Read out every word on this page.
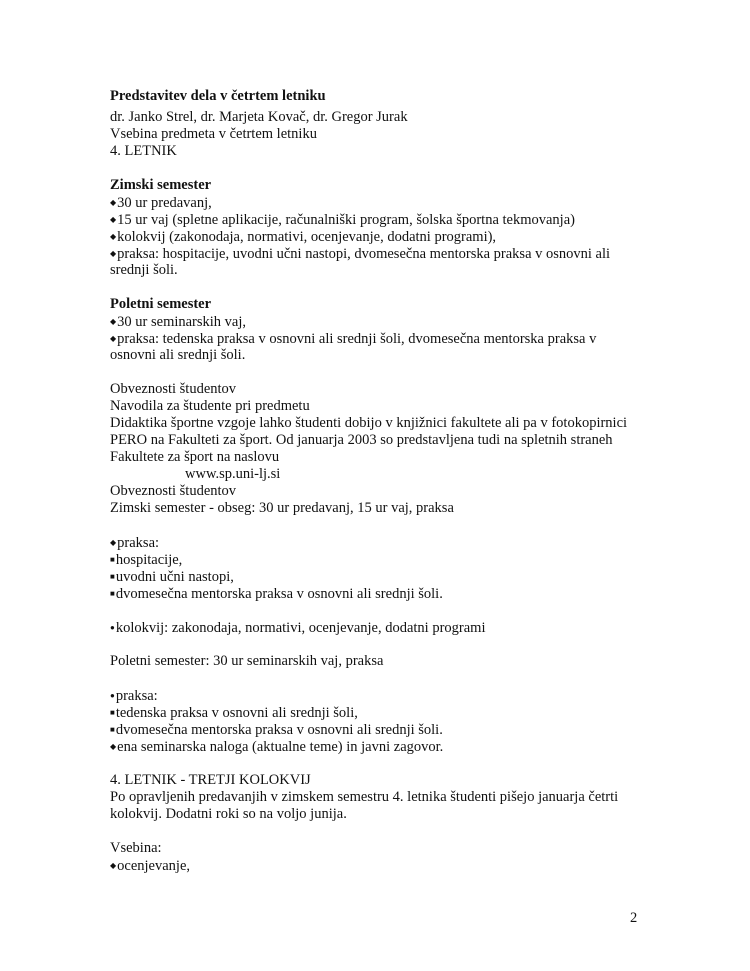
Predstavitev dela v četrtem letniku
dr. Janko Strel, dr. Marjeta Kovač, dr. Gregor Jurak
Vsebina predmeta v četrtem letniku
4. LETNIK
Zimski semester
◆30 ur predavanj,
◆15 ur vaj (spletne aplikacije, računalniški program, šolska športna tekmovanja)
◆kolokvij (zakonodaja, normativi, ocenjevanje, dodatni programi),
◆praksa: hospitacije, uvodni učni nastopi, dvomesečna mentorska praksa v osnovni ali
srednji šoli.
Poletni semester
◆30 ur seminarskih vaj,
◆praksa: tedenska praksa v osnovni ali srednji šoli, dvomesečna mentorska praksa v
osnovni ali srednji šoli.
Obveznosti študentov
Navodila za študente pri predmetu
Didaktika športne vzgoje lahko študenti dobijo v knjižnici fakultete ali pa v fotokopirnici
PERO na Fakulteti za šport. Od januarja 2003 so predstavljena tudi na spletnih straneh
Fakultete za šport na naslovu
www.sp.uni-lj.si
Obveznosti študentov
Zimski semester - obseg: 30 ur predavanj, 15 ur vaj, praksa
◆praksa:
■hospitacije,
■uvodni učni nastopi,
■dvomesečna mentorska praksa v osnovni ali srednji šoli.
●kolokvij: zakonodaja, normativi, ocenjevanje, dodatni programi
Poletni semester: 30 ur seminarskih vaj, praksa
●praksa:
■tedenska praksa v osnovni ali srednji šoli,
■dvomesečna mentorska praksa v osnovni ali srednji šoli.
◆ena seminarska naloga (aktualne teme) in javni zagovor.
4. LETNIK - TRETJI KOLOKVIJ
Po opravljenih predavanjih v zimskem semestru 4. letnika študenti pišejo januarja četrti
kolokvij. Dodatni roki so na voljo junija.
Vsebina:
◆ocenjevanje,
2
